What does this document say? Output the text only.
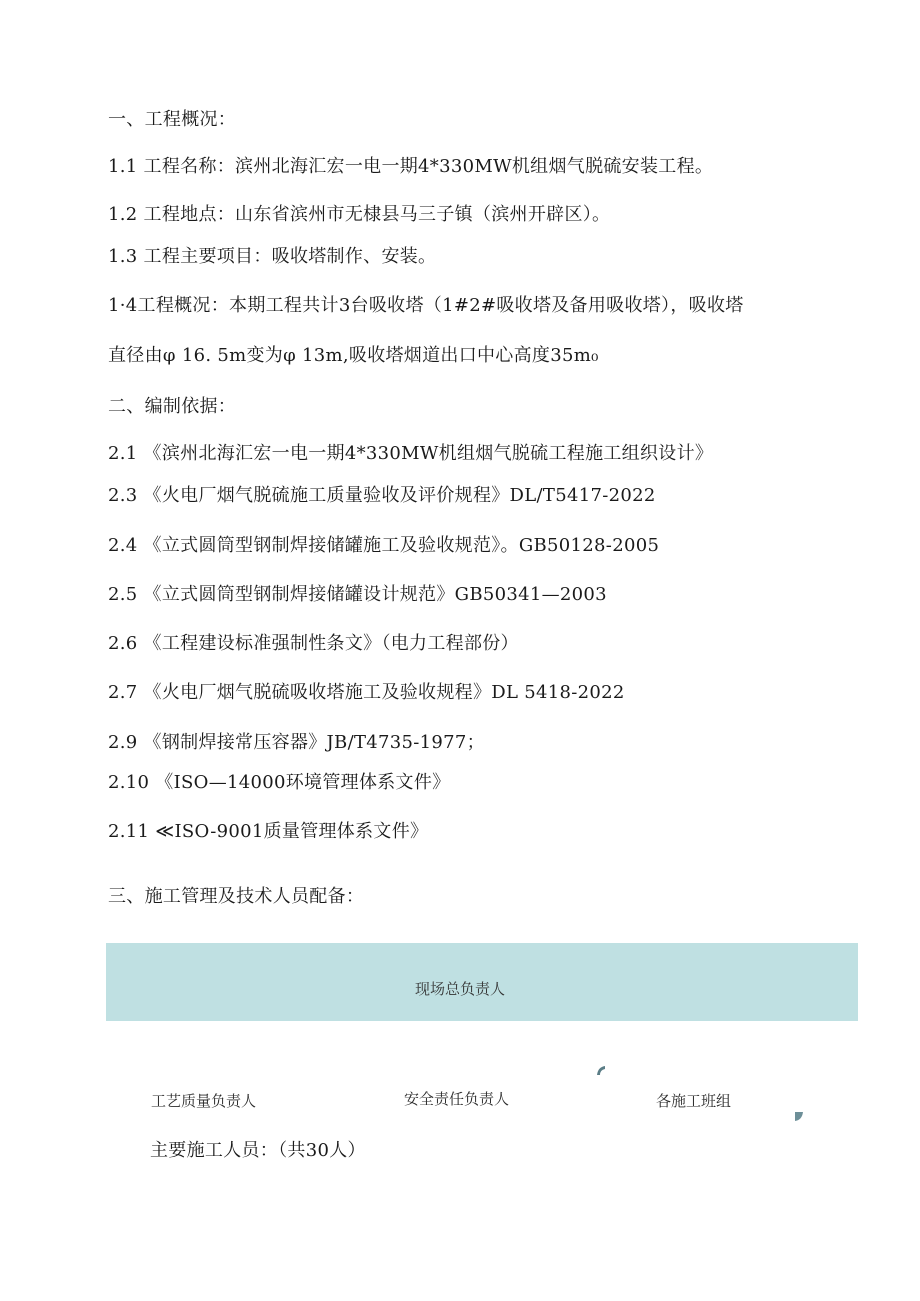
一、工程概况：
1.1 工程名称：滨州北海汇宏一电一期4*330MW机组烟气脱硫安装工程。
1.2 工程地点：山东省滨州市无棣县马三子镇（滨州开辟区）。
1.3 工程主要项目：吸收塔制作、安装。
1·4工程概况：本期工程共计3台吸收塔（1#2#吸收塔及备用吸收塔），吸收塔
直径由φ 16. 5m变为φ 13m,吸收塔烟道出口中心高度35m₀
二、编制依据：
2.1 《滨州北海汇宏一电一期4*330MW机组烟气脱硫工程施工组织设计》
2.3 《火电厂烟气脱硫施工质量验收及评价规程》DL/T5417-2022
2.4 《立式圆筒型钢制焊接储罐施工及验收规范》。GB50128-2005
2.5 《立式圆筒型钢制焊接储罐设计规范》GB50341—2003
2.6 《工程建设标准强制性条文》（电力工程部份）
2.7 《火电厂烟气脱硫吸收塔施工及验收规程》DL 5418-2022
2.9 《钢制焊接常压容器》JB/T4735-1977；
2.10 《ISO—14000环境管理体系文件》
2.11 ≪ISO-9001质量管理体系文件》
三、施工管理及技术人员配备：
现场总负责人
工艺质量负责人	安全责任负责人	各施工班组
主要施工人员：（共30人）
